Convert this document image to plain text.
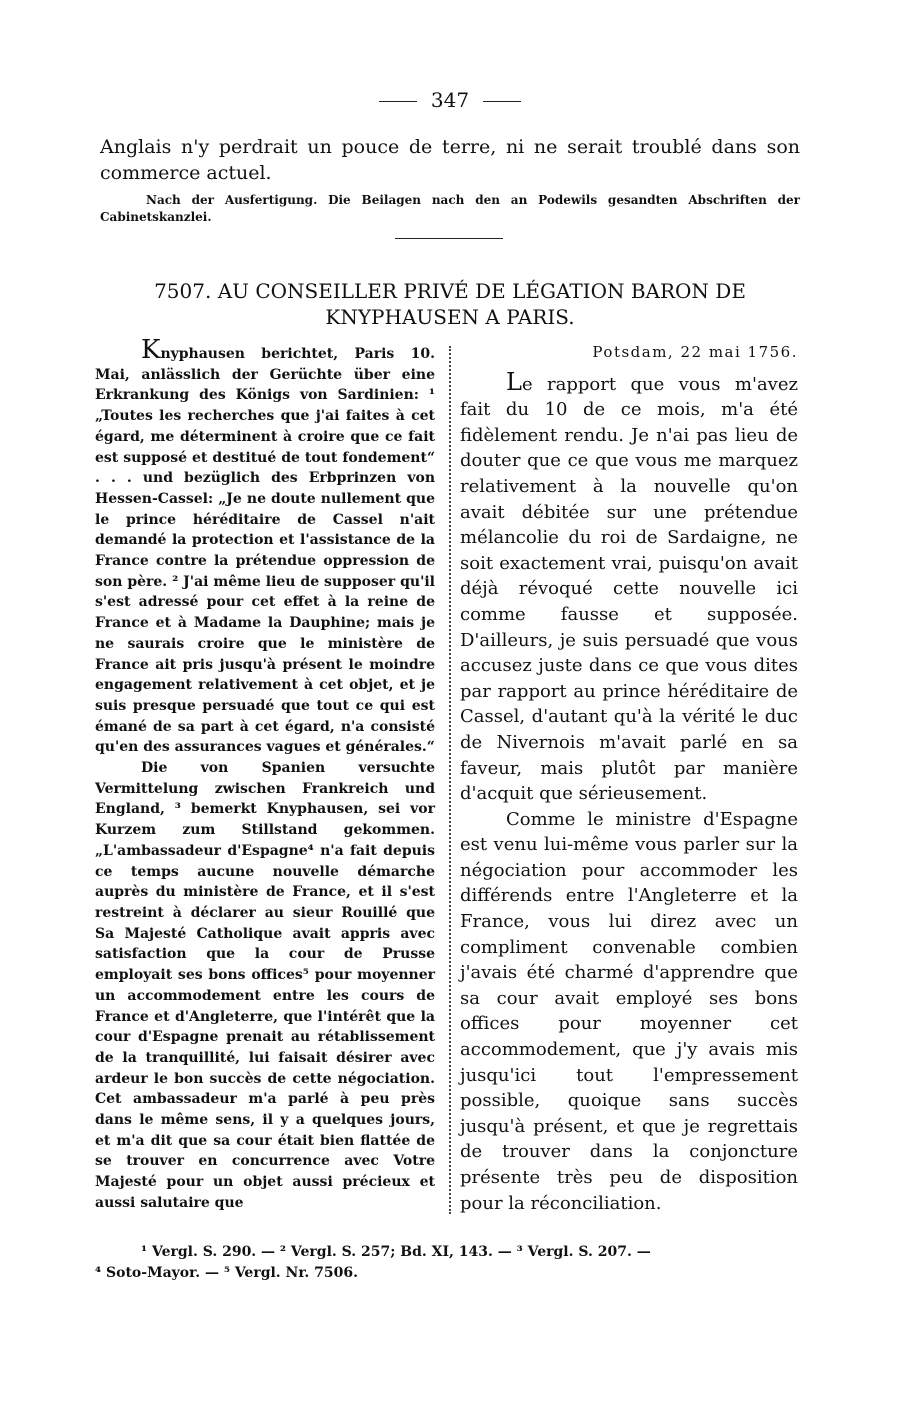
347
Anglais n'y perdrait un pouce de terre, ni ne serait troublé dans son commerce actuel.
Nach der Ausfertigung. Die Beilagen nach den an Podewils gesandten Abschriften der Cabinetskanzlei.
7507. AU CONSEILLER PRIVÉ DE LÉGATION BARON DE
KNYPHAUSEN A PARIS.

Knyphausen berichtet, Paris 10. Mai, anlässlich der Gerüchte über eine Erkrankung des Königs von Sardinien: ¹ „Toutes les recherches que j'ai faites à cet égard, me déterminent à croire que ce fait est supposé et destitué de tout fondement“ . . . und bezüglich des Erbprinzen von Hessen-Cassel: „Je ne doute nullement que le prince héréditaire de Cassel n'ait demandé la protection et l'assistance de la France contre la prétendue oppression de son père. ² J'ai même lieu de supposer qu'il s'est adressé pour cet effet à la reine de France et à Madame la Dauphine; mais je ne saurais croire que le ministère de France ait pris jusqu'à présent le moindre engagement relativement à cet objet, et je suis presque persuadé que tout ce qui est émané de sa part à cet égard, n'a consisté qu'en des assurances vagues et générales.“

Die von Spanien versuchte Vermittelung zwischen Frankreich und England, ³ bemerkt Knyphausen, sei vor Kurzem zum Stillstand gekommen. „L'ambassadeur d'Espagne⁴ n'a fait depuis ce temps aucune nouvelle démarche auprès du ministère de France, et il s'est restreint à déclarer au sieur Rouillé que Sa Majesté Catholique avait appris avec satisfaction que la cour de Prusse employait ses bons offices⁵ pour moyenner un accommodement entre les cours de France et d'Angleterre, que l'intérêt que la cour d'Espagne prenait au rétablissement de la tranquillité, lui faisait désirer avec ardeur le bon succès de cette négociation. Cet ambassadeur m'a parlé à peu près dans le même sens, il y a quelques jours, et m'a dit que sa cour était bien flattée de se trouver en concurrence avec Votre Majesté pour un objet aussi précieux et aussi salutaire que

Potsdam, 22 mai 1756.

Le rapport que vous m'avez fait du 10 de ce mois, m'a été fidèlement rendu. Je n'ai pas lieu de douter que ce que vous me marquez relativement à la nouvelle qu'on avait débitée sur une prétendue mélancolie du roi de Sardaigne, ne soit exactement vrai, puisqu'on avait déjà révoqué cette nouvelle ici comme fausse et supposée. D'ailleurs, je suis persuadé que vous accusez juste dans ce que vous dites par rapport au prince héréditaire de Cassel, d'autant qu'à la vérité le duc de Nivernois m'avait parlé en sa faveur, mais plutôt par manière d'acquit que sérieusement.

Comme le ministre d'Espagne est venu lui-même vous parler sur la négociation pour accommoder les différends entre l'Angleterre et la France, vous lui direz avec un compliment convenable combien j'avais été charmé d'apprendre que sa cour avait employé ses bons offices pour moyenner cet accommodement, que j'y avais mis jusqu'ici tout l'empressement possible, quoique sans succès jusqu'à présent, et que je regrettais de trouver dans la conjoncture présente très peu de disposition pour la réconciliation.

¹ Vergl. S. 290. — ² Vergl. S. 257; Bd. XI, 143. — ³ Vergl. S. 207. —
⁴ Soto-Mayor. — ⁵ Vergl. Nr. 7506.
